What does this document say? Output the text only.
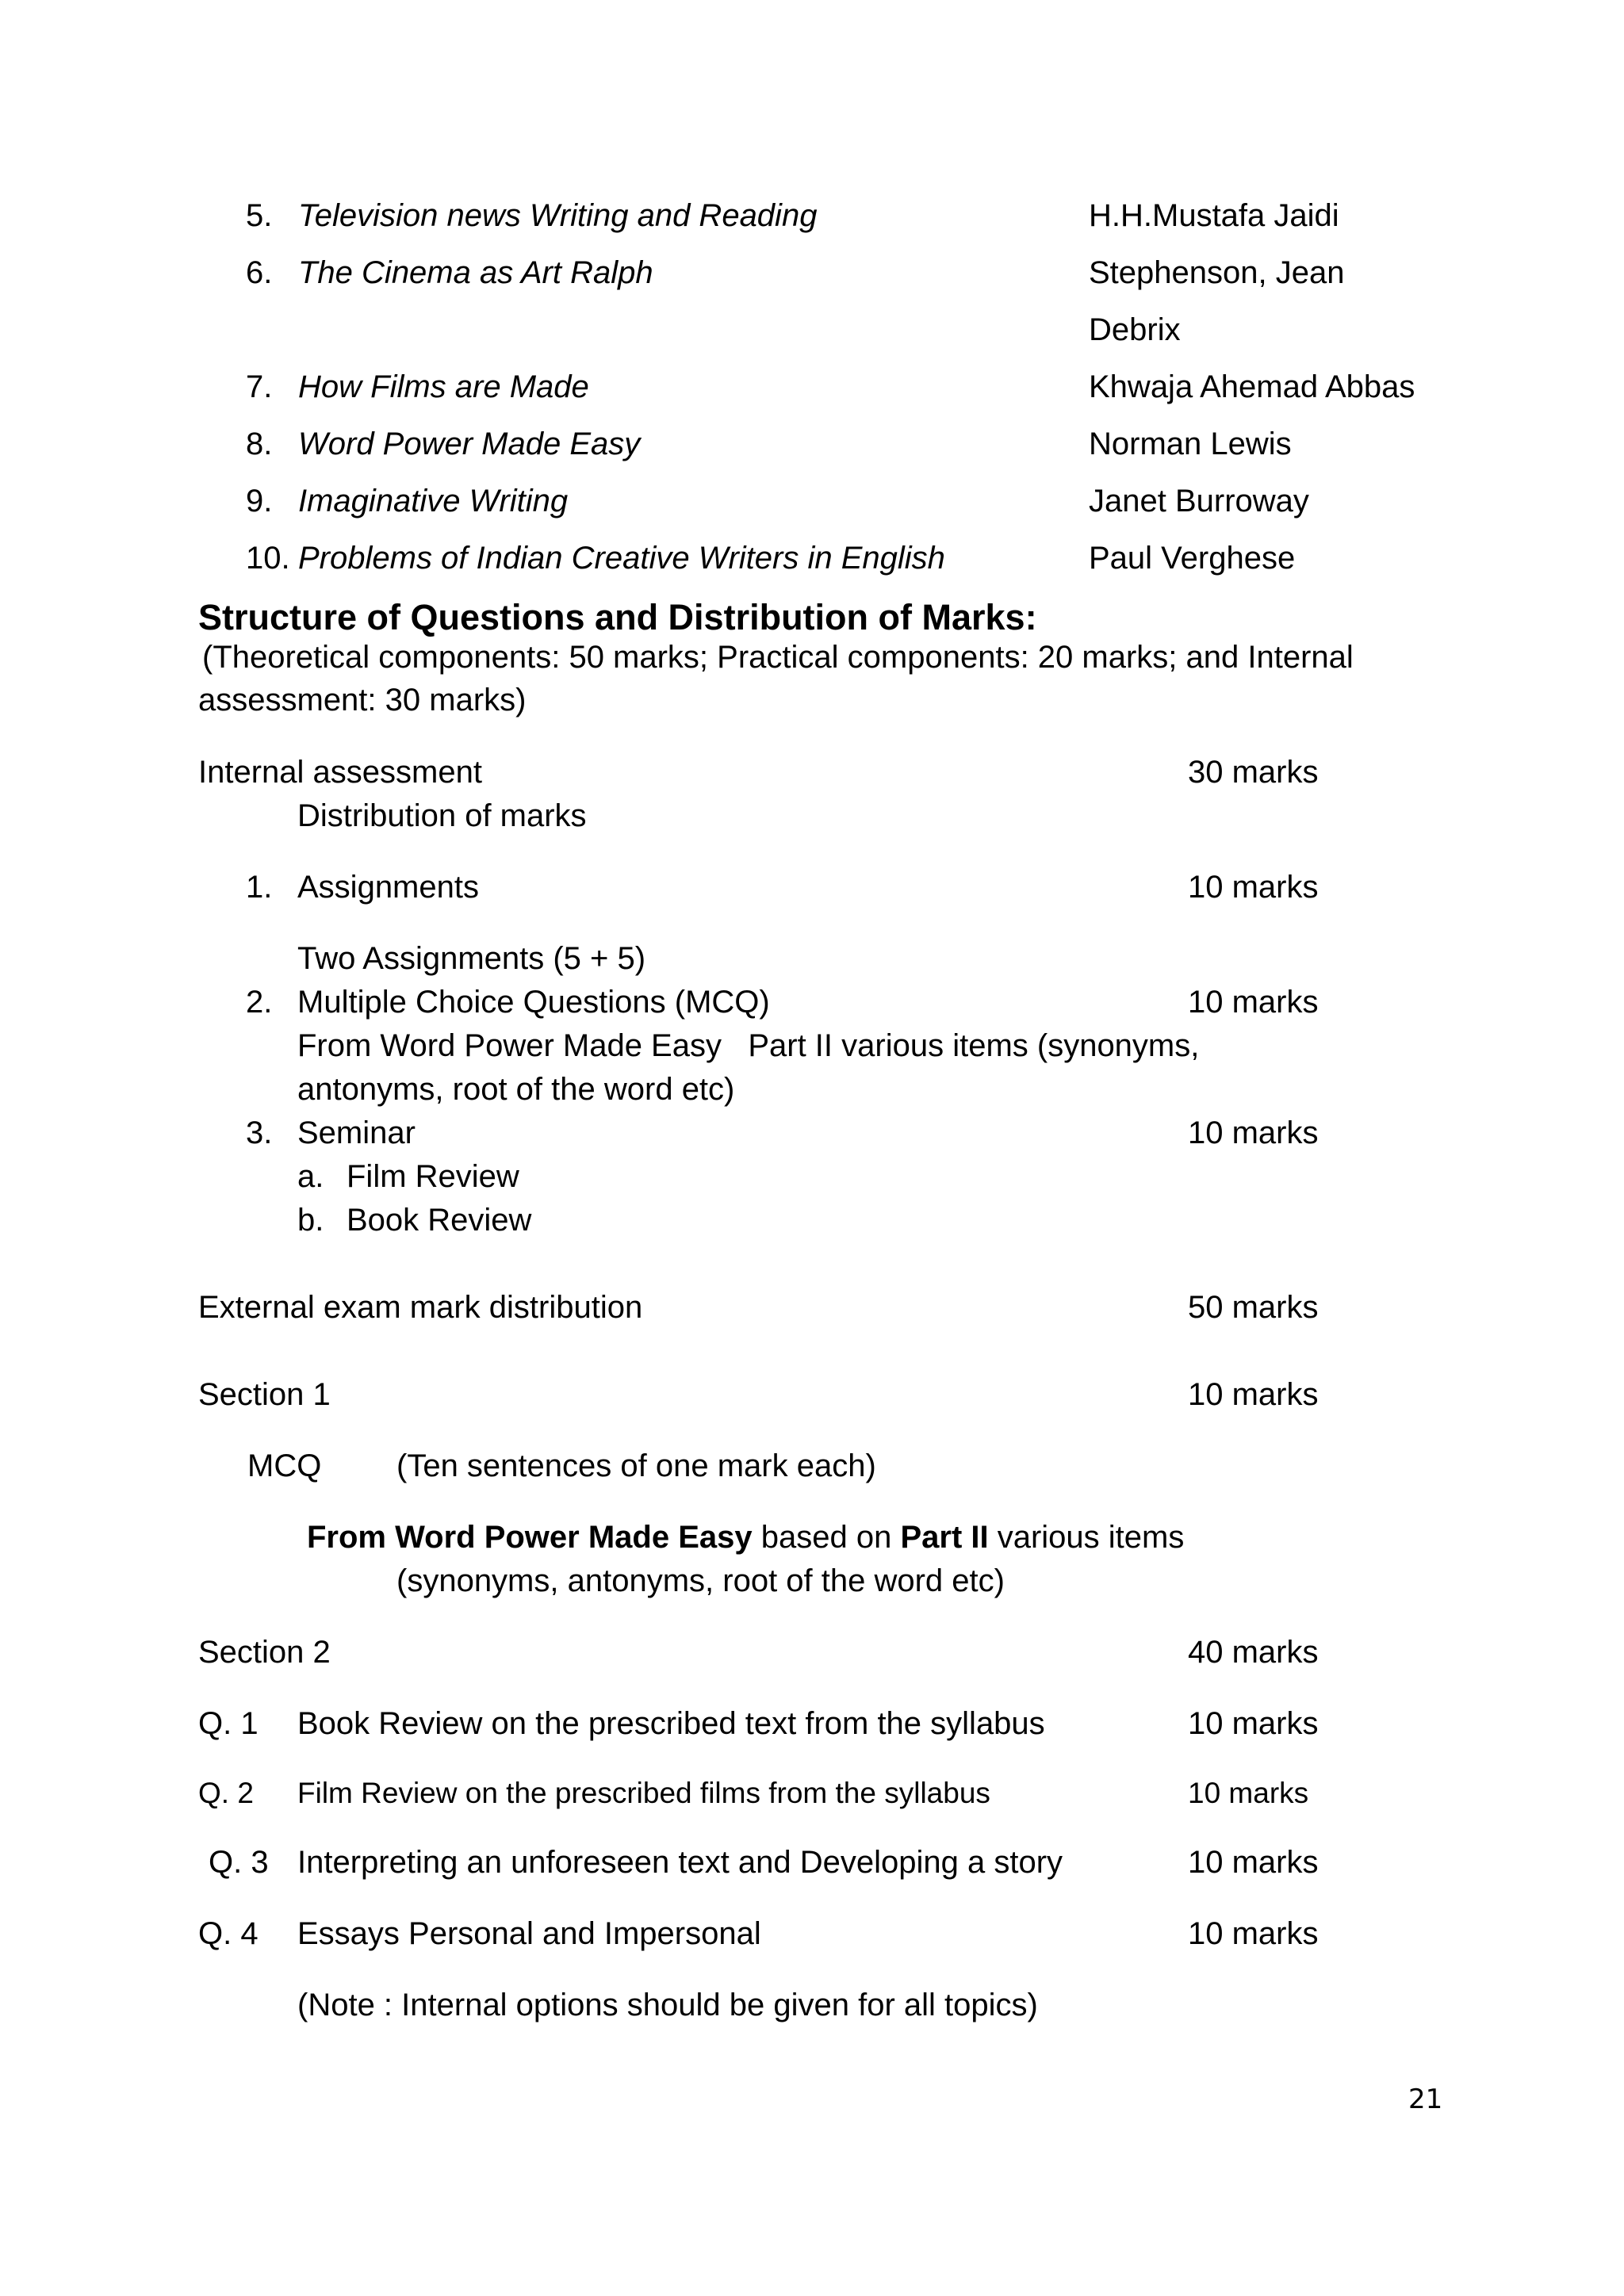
5. Television news Writing and Reading	H.H.Mustafa Jaidi
6. The Cinema as Art Ralph	Stephenson, Jean
Debrix
7. How Films are Made	Khwaja Ahemad Abbas
8. Word Power Made Easy	Norman Lewis
9. Imaginative Writing	Janet Burroway
10. Problems of Indian Creative Writers in English	Paul Verghese
Structure of Questions and Distribution of Marks:
(Theoretical components: 50 marks; Practical components: 20 marks; and Internal
assessment: 30 marks)
Internal assessment	30 marks
Distribution of marks
1. Assignments	10 marks
Two Assignments (5 + 5)
2. Multiple Choice Questions (MCQ)	10 marks
From Word Power Made Easy   Part II various items (synonyms,
antonyms, root of the word etc)
3. Seminar	10 marks
a. Film Review
b. Book Review
External exam mark distribution	50 marks
Section 1	10 marks
MCQ (Ten sentences of one mark each)
From Word Power Made Easy based on Part II various items
(synonyms, antonyms, root of the word etc)
Section 2	40 marks
Q. 1 Book Review on the prescribed text from the syllabus	10 marks
Q. 2 Film Review on the prescribed films from the syllabus	10 marks
Q. 3 Interpreting an unforeseen text and Developing a story	10 marks
Q. 4 Essays Personal and Impersonal	10 marks
(Note : Internal options should be given for all topics)
21
